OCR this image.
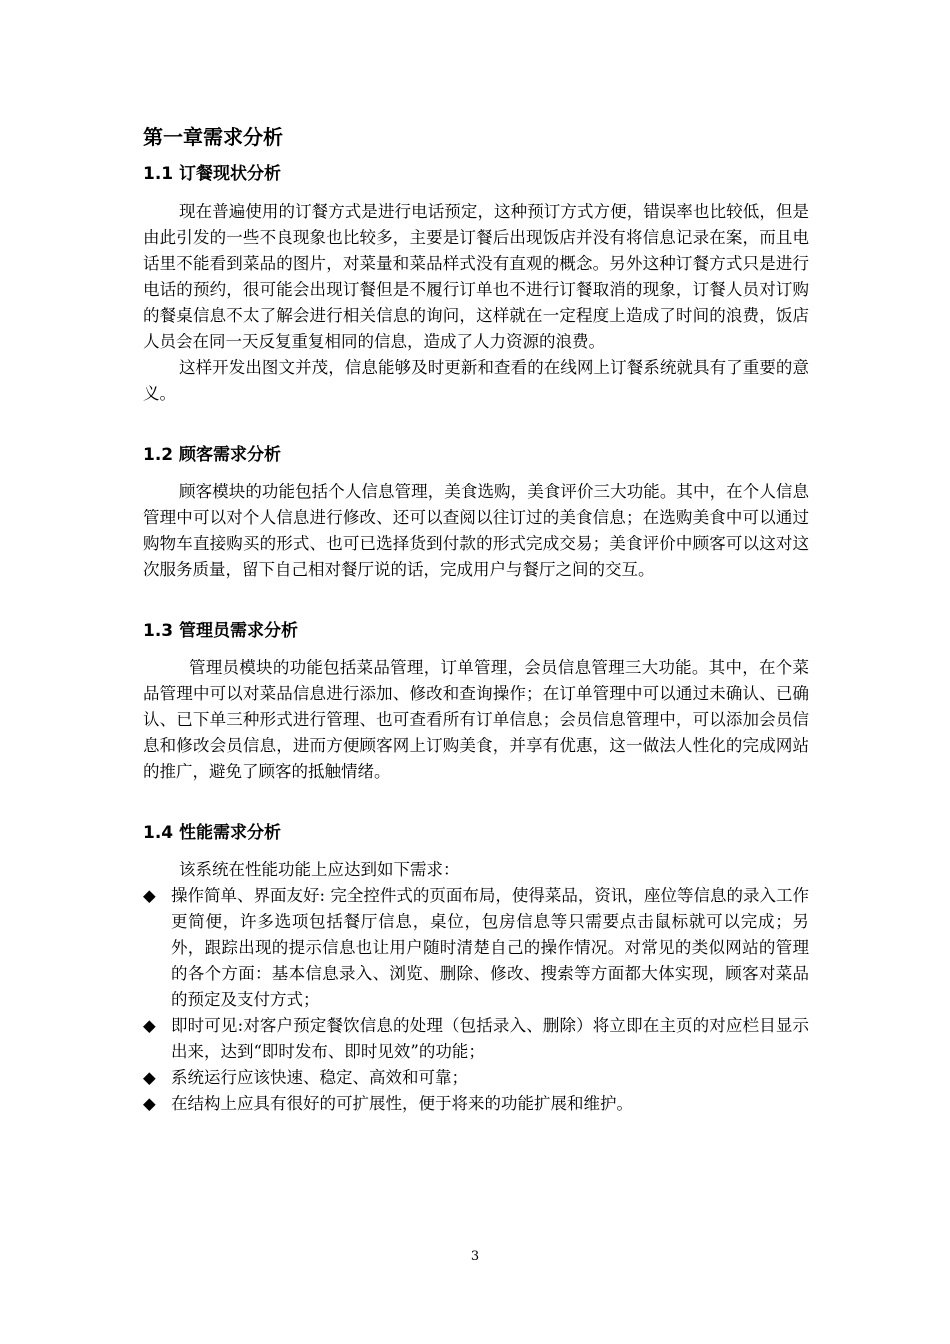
第一章需求分析
1.1 订餐现状分析

现在普遍使用的订餐方式是进行电话预定，这种预订方式方便，错误率也比较低，但是由此引发的一些不良现象也比较多，主要是订餐后出现饭店并没有将信息记录在案，而且电话里不能看到菜品的图片，对菜量和菜品样式没有直观的概念。另外这种订餐方式只是进行电话的预约，很可能会出现订餐但是不履行订单也不进行订餐取消的现象，订餐人员对订购的餐桌信息不太了解会进行相关信息的询问，这样就在一定程度上造成了时间的浪费，饭店人员会在同一天反复重复相同的信息，造成了人力资源的浪费。

这样开发出图文并茂，信息能够及时更新和查看的在线网上订餐系统就具有了重要的意义。

1.2 顾客需求分析

顾客模块的功能包括个人信息管理，美食选购，美食评价三大功能。其中，在个人信息管理中可以对个人信息进行修改、还可以查阅以往订过的美食信息；在选购美食中可以通过购物车直接购买的形式、也可已选择货到付款的形式完成交易；美食评价中顾客可以这对这次服务质量，留下自己相对餐厅说的话，完成用户与餐厅之间的交互。

1.3 管理员需求分析

管理员模块的功能包括菜品管理，订单管理，会员信息管理三大功能。其中，在个菜品管理中可以对菜品信息进行添加、修改和查询操作；在订单管理中可以通过未确认、已确认、已下单三种形式进行管理、也可查看所有订单信息；会员信息管理中，可以添加会员信息和修改会员信息，进而方便顾客网上订购美食，并享有优惠，这一做法人性化的完成网站的推广，避免了顾客的抵触情绪。

1.4 性能需求分析

该系统在性能功能上应达到如下需求：

◆ 操作简单、界面友好: 完全控件式的页面布局，使得菜品，资讯，座位等信息的录入工作更简便，许多选项包括餐厅信息，桌位，包房信息等只需要点击鼠标就可以完成；另外，跟踪出现的提示信息也让用户随时清楚自己的操作情况。对常见的类似网站的管理的各个方面：基本信息录入、浏览、删除、修改、搜索等方面都大体实现，顾客对菜品的预定及支付方式；
◆ 即时可见:对客户预定餐饮信息的处理（包括录入、删除）将立即在主页的对应栏目显示出来，达到“即时发布、即时见效”的功能；
◆ 系统运行应该快速、稳定、高效和可靠；
◆ 在结构上应具有很好的可扩展性，便于将来的功能扩展和维护。
3
